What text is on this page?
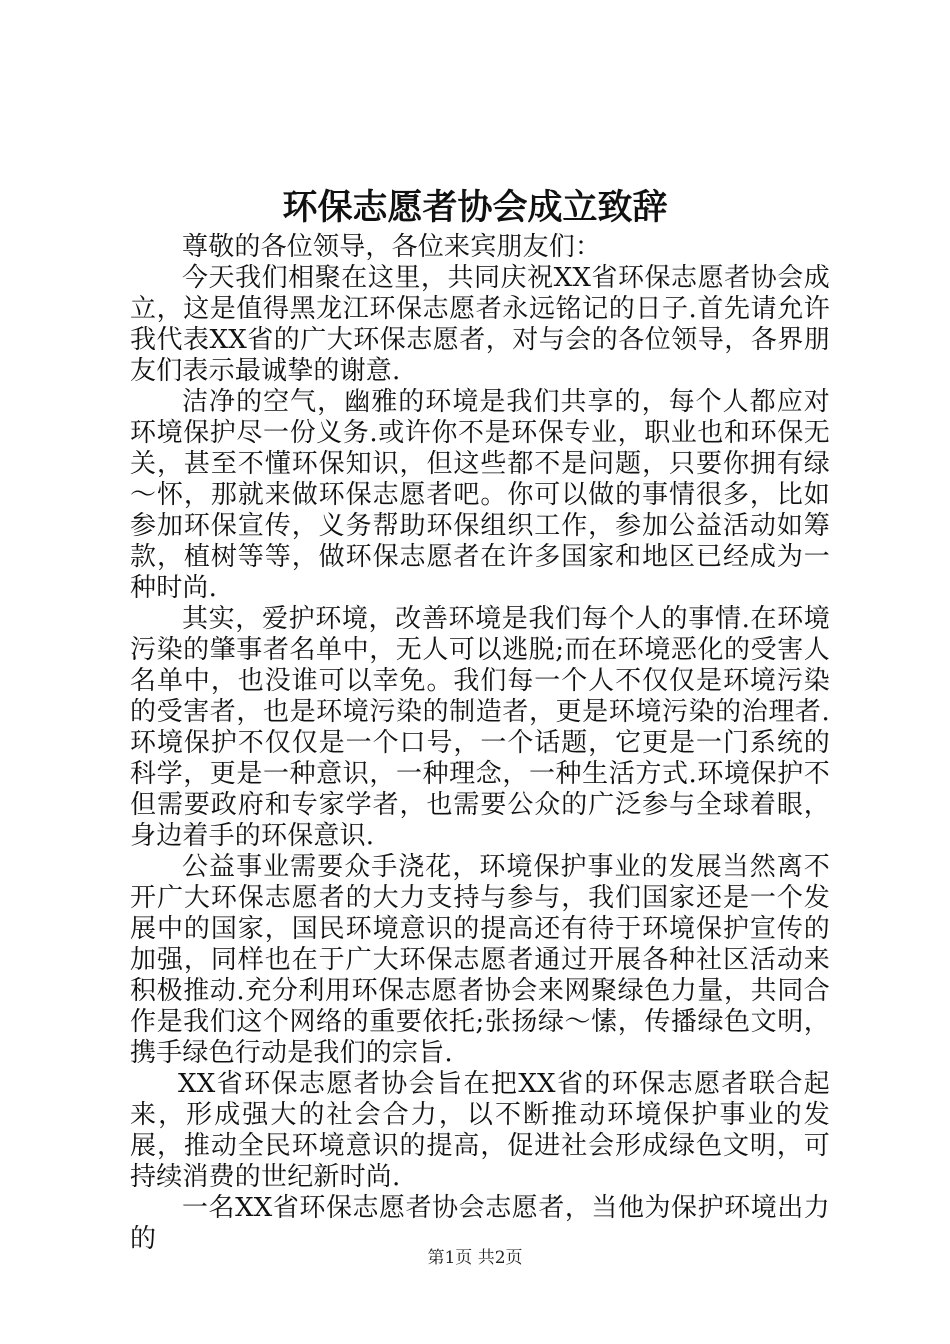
环保志愿者协会成立致辞

尊敬的各位领导，各位来宾朋友们：

今天我们相聚在这里，共同庆祝XX省环保志愿者协会成立，这是值得黑龙江环保志愿者永远铭记的日子.首先请允许我代表XX省的广大环保志愿者，对与会的各位领导，各界朋友们表示最诚挚的谢意.

洁净的空气，幽雅的环境是我们共享的，每个人都应对环境保护尽一份义务.或许你不是环保专业，职业也和环保无关，甚至不懂环保知识，但这些都不是问题，只要你拥有绿～怀，那就来做环保志愿者吧。你可以做的事情很多，比如参加环保宣传，义务帮助环保组织工作，参加公益活动如筹款，植树等等，做环保志愿者在许多国家和地区已经成为一种时尚.

其实，爱护环境，改善环境是我们每个人的事情.在环境污染的肇事者名单中，无人可以逃脱;而在环境恶化的受害人名单中，也没谁可以幸免。我们每一个人不仅仅是环境污染的受害者，也是环境污染的制造者，更是环境污染的治理者.环境保护不仅仅是一个口号，一个话题，它更是一门系统的科学，更是一种意识，一种理念，一种生活方式.环境保护不但需要政府和专家学者，也需要公众的广泛参与全球着眼，身边着手的环保意识.

公益事业需要众手浇花，环境保护事业的发展当然离不开广大环保志愿者的大力支持与参与，我们国家还是一个发展中的国家，国民环境意识的提高还有待于环境保护宣传的加强，同样也在于广大环保志愿者通过开展各种社区活动来积极推动.充分利用环保志愿者协会来网聚绿色力量，共同合作是我们这个网络的重要依托;张扬绿～愫，传播绿色文明，携手绿色行动是我们的宗旨.

XX省环保志愿者协会旨在把XX省的环保志愿者联合起来，形成强大的社会合力，以不断推动环境保护事业的发展，推动全民环境意识的提高，促进社会形成绿色文明，可持续消费的世纪新时尚.

一名XX省环保志愿者协会志愿者，当他为保护环境出力的

第1页 共2页
